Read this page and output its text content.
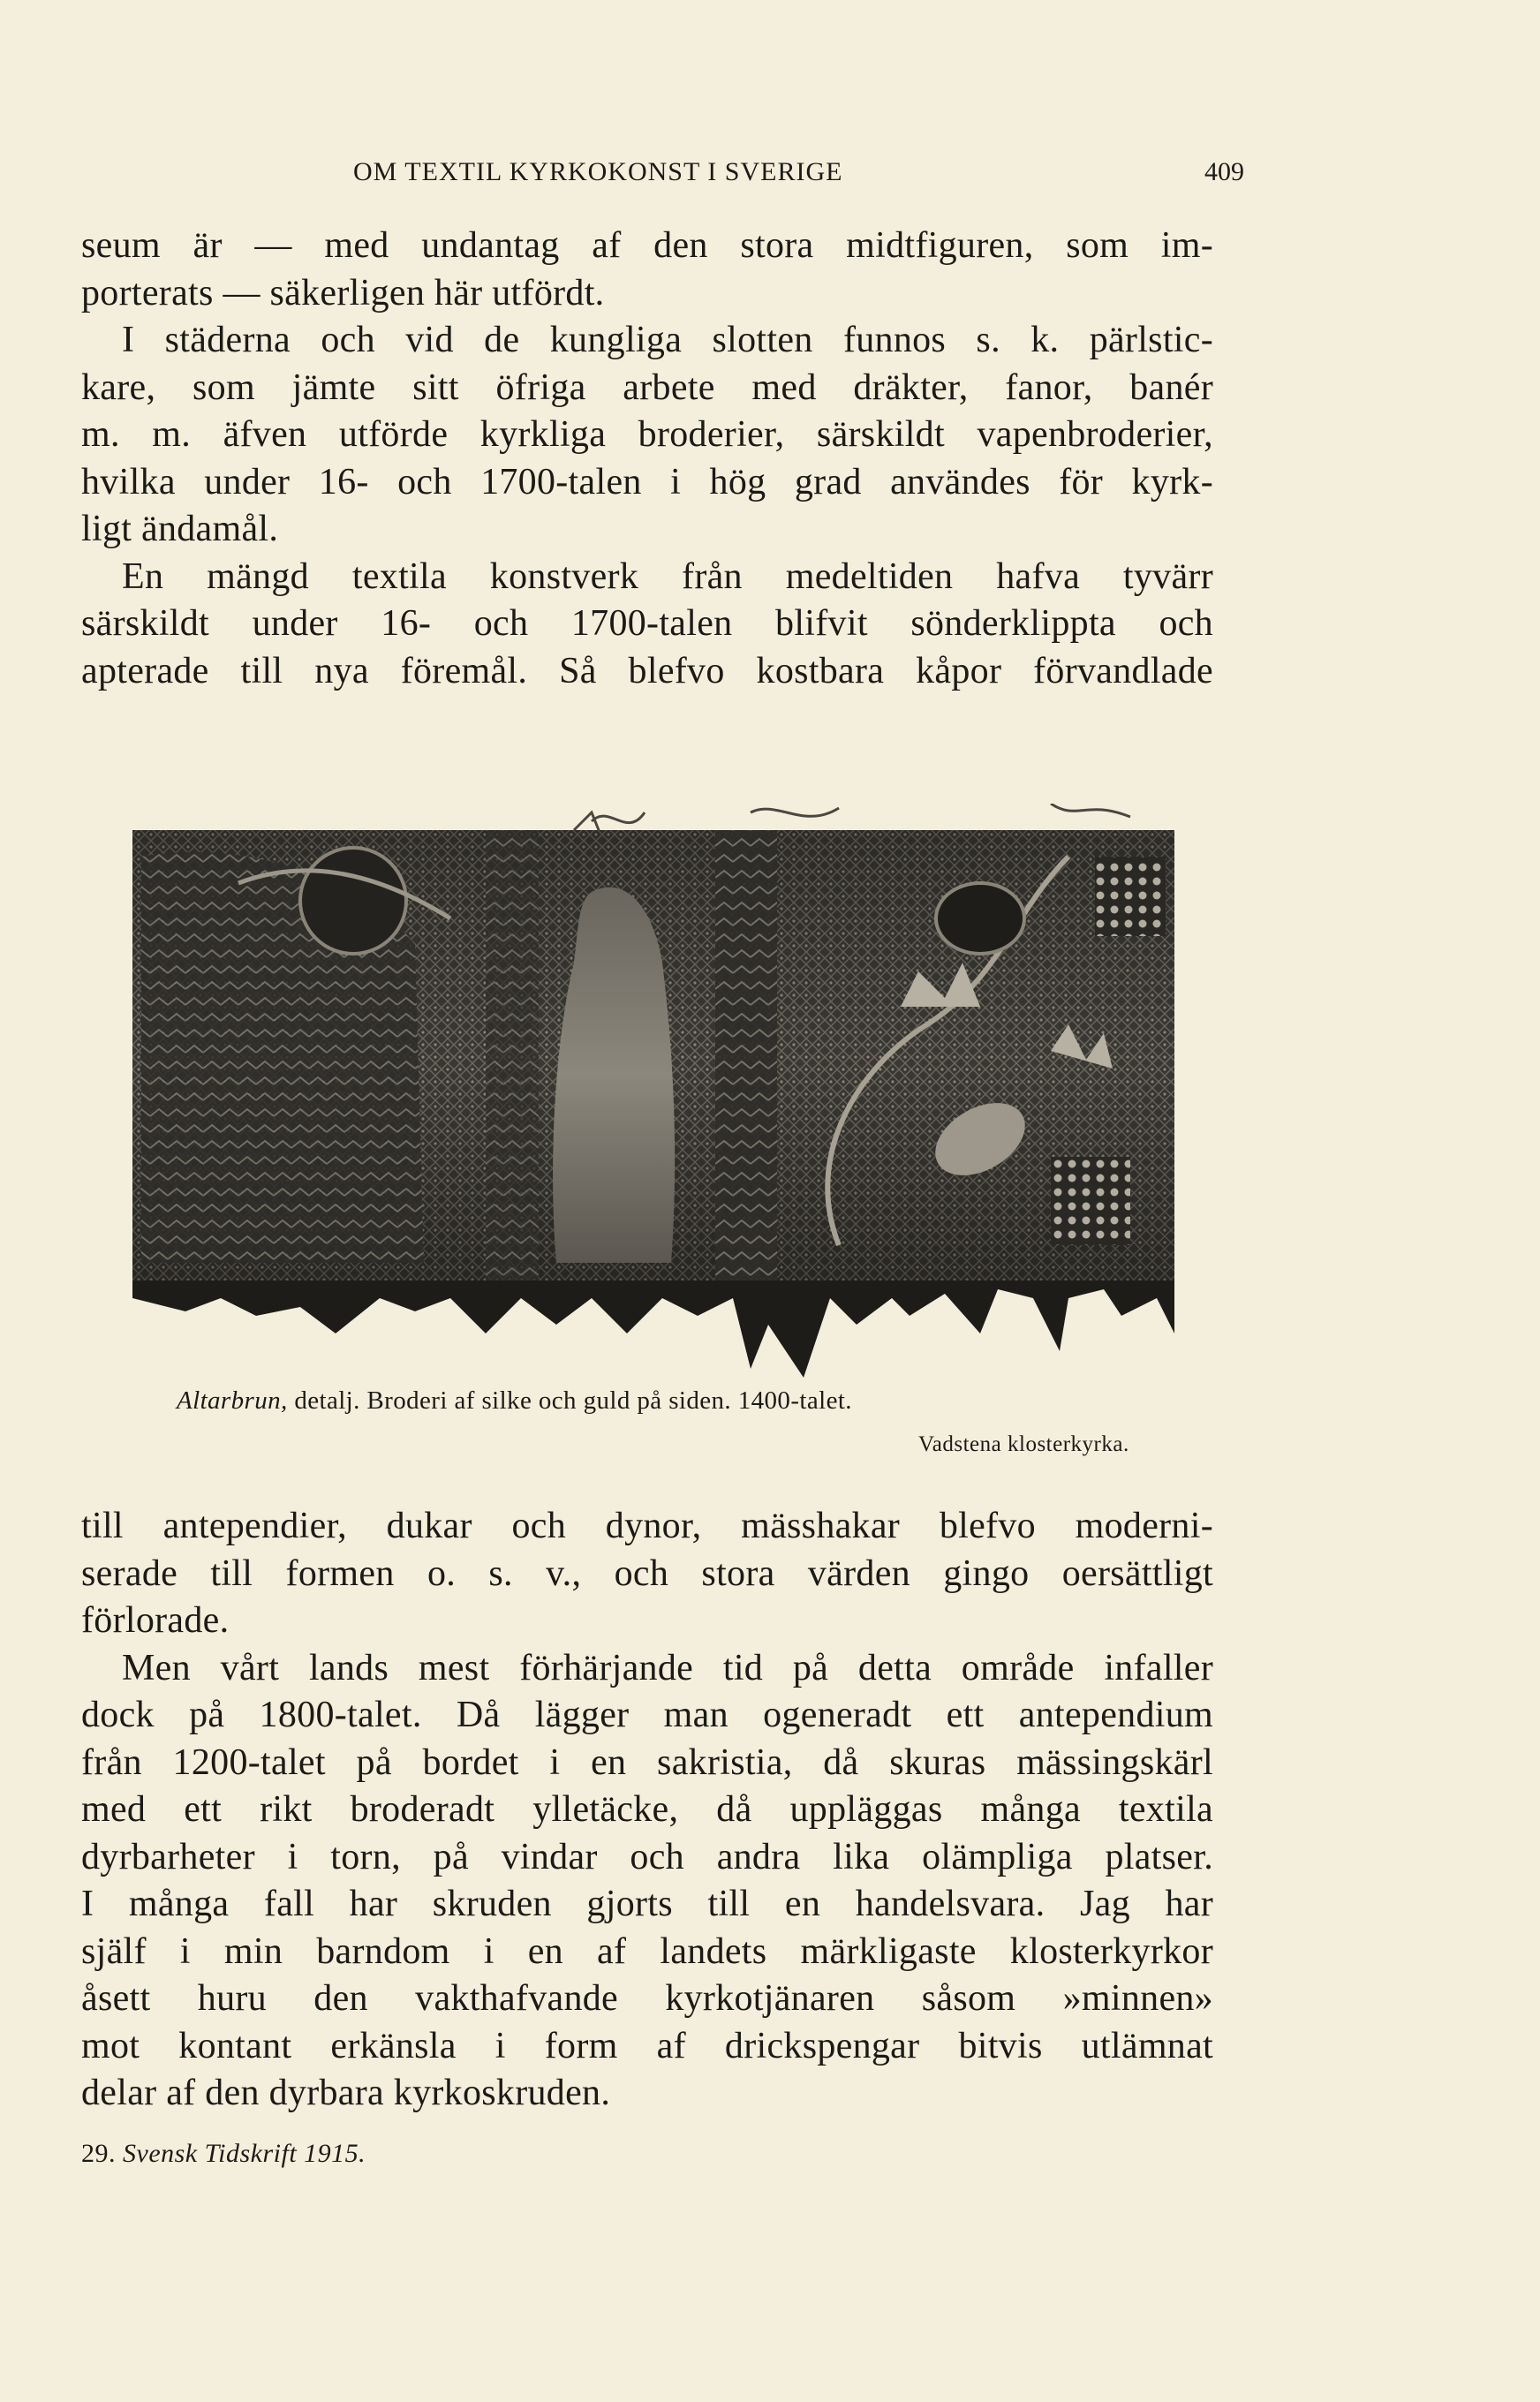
OM TEXTIL KYRKOKONST I SVERIGE	409
seum är — med undantag af den stora midtfiguren, som im-
porterats — säkerligen här utfördt.
I städerna och vid de kungliga slotten funnos s. k. pärlstic-
kare, som jämte sitt öfriga arbete med dräkter, fanor, banér
m. m. äfven utförde kyrkliga broderier, särskildt vapenbroderier,
hvilka under 16- och 1700-talen i hög grad användes för kyrk-
ligt ändamål.
En mängd textila konstverk från medeltiden hafva tyvärr
särskildt under 16- och 1700-talen blifvit sönderklippta och
apterade till nya föremål. Så blefvo kostbara kåpor förvandlade
Altarbrun, detalj. Broderi af silke och guld på siden. 1400-talet.
Vadstena klosterkyrka.
till antependier, dukar och dynor, mässhakar blefvo moderni-
serade till formen o. s. v., och stora värden gingo oersättligt
förlorade.
Men vårt lands mest förhärjande tid på detta område infaller
dock på 1800-talet. Då lägger man ogeneradt ett antependium
från 1200-talet på bordet i en sakristia, då skuras mässingskärl
med ett rikt broderadt ylletäcke, då uppläggas många textila
dyrbarheter i torn, på vindar och andra lika olämpliga platser.
I många fall har skruden gjorts till en handelsvara. Jag har
själf i min barndom i en af landets märkligaste klosterkyrkor
åsett huru den vakthafvande kyrkotjänaren såsom »minnen»
mot kontant erkänsla i form af drickspengar bitvis utlämnat
delar af den dyrbara kyrkoskruden.
29. Svensk Tidskrift 1915.
